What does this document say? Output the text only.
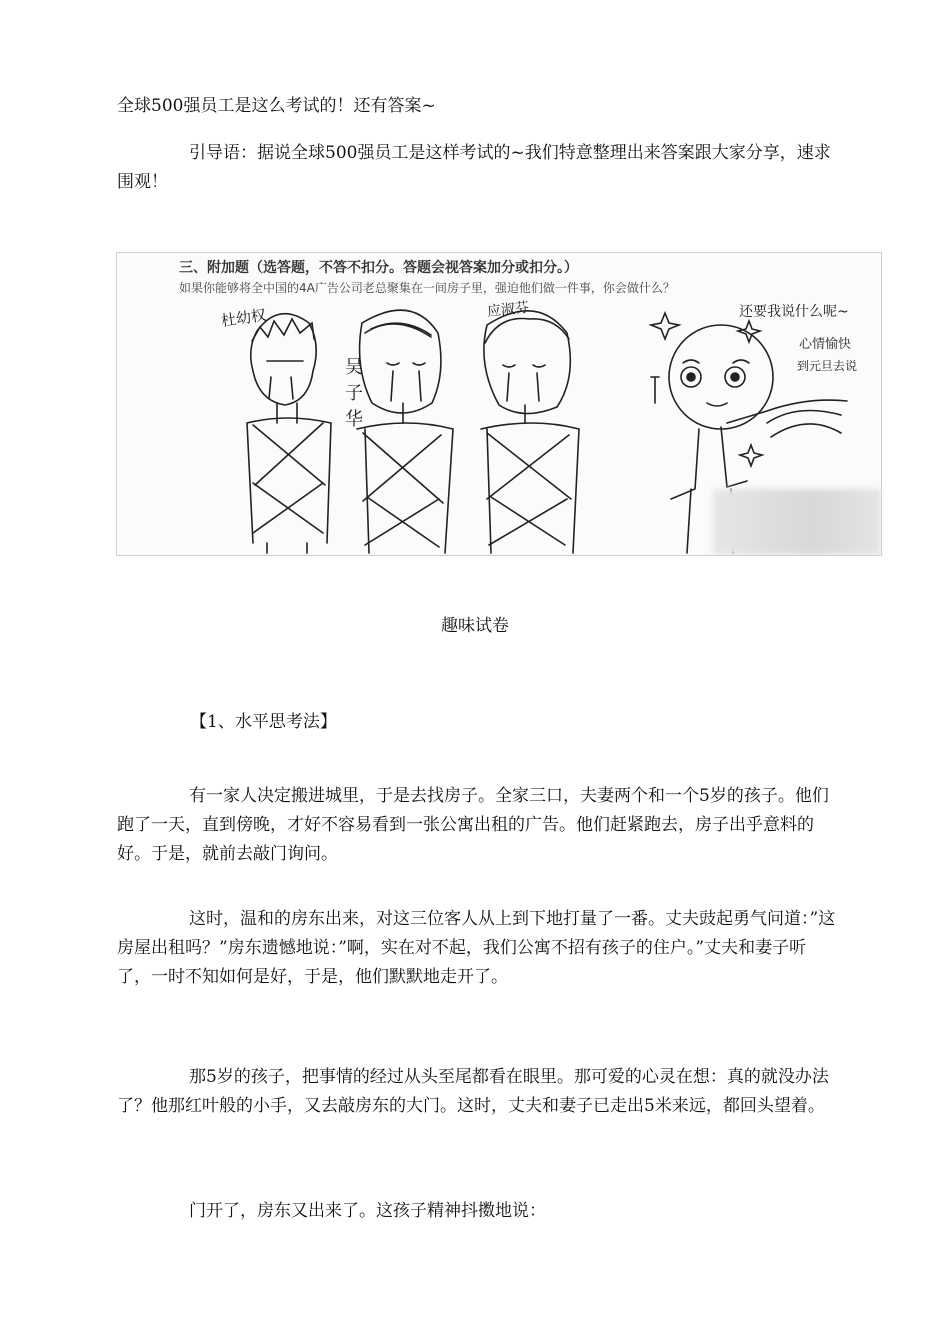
全球500强员工是这么考试的！还有答案~

引导语：据说全球500强员工是这样考试的~我们特意整理出来答案跟大家分享，速求围观！

三、附加题（选答题，不答不扣分。答题会视答案加分或扣分。）
如果你能够将全中国的4A广告公司老总聚集在一间房子里，强迫他们做一件事，你会做什么？
杜幼权
吴子华
应淑芬	还要我说什么呢~
心情愉快
到元旦去说
趣味试卷

【1、水平思考法】

有一家人决定搬进城里，于是去找房子。全家三口，夫妻两个和一个5岁的孩子。他们跑了一天，直到傍晚，才好不容易看到一张公寓出租的广告。他们赶紧跑去，房子出乎意料的好。于是，就前去敲门询问。

这时，温和的房东出来，对这三位客人从上到下地打量了一番。丈夫豉起勇气问道：”这房屋出租吗？”房东遗憾地说：”啊，实在对不起，我们公寓不招有孩子的住户。”丈夫和妻子听了，一时不知如何是好，于是，他们默默地走开了。

那5岁的孩子，把事情的经过从头至尾都看在眼里。那可爱的心灵在想：真的就没办法了？他那红叶般的小手，又去敲房东的大门。这时，丈夫和妻子已走出5米来远，都回头望着。

门开了，房东又出来了。这孩子精神抖擞地说：
